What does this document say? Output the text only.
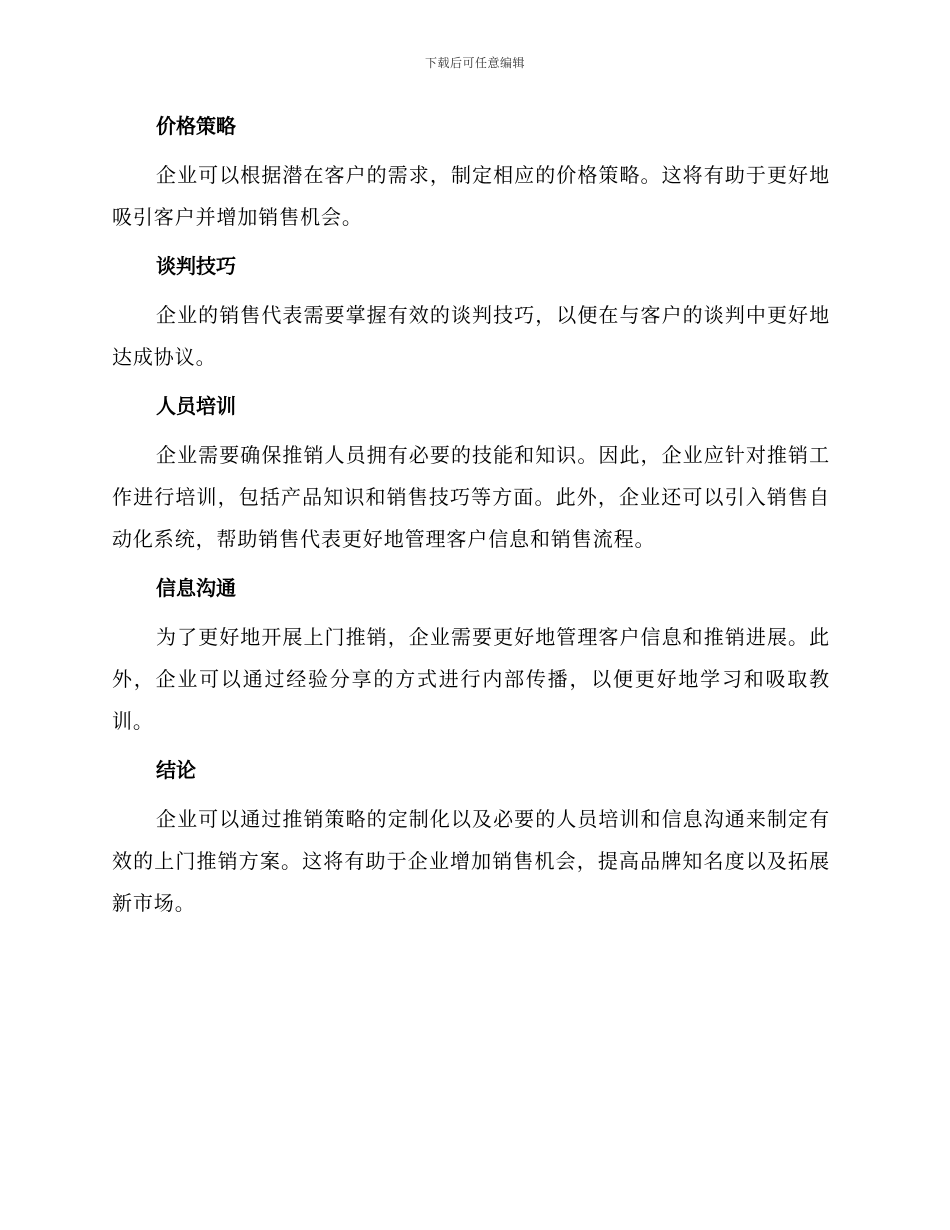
下载后可任意编辑
价格策略

企业可以根据潜在客户的需求，制定相应的价格策略。这将有助于更好地吸引客户并增加销售机会。

谈判技巧

企业的销售代表需要掌握有效的谈判技巧，以便在与客户的谈判中更好地达成协议。

人员培训

企业需要确保推销人员拥有必要的技能和知识。因此，企业应针对推销工作进行培训，包括产品知识和销售技巧等方面。此外，企业还可以引入销售自动化系统，帮助销售代表更好地管理客户信息和销售流程。

信息沟通

为了更好地开展上门推销，企业需要更好地管理客户信息和推销进展。此外，企业可以通过经验分享的方式进行内部传播，以便更好地学习和吸取教训。

结论

企业可以通过推销策略的定制化以及必要的人员培训和信息沟通来制定有效的上门推销方案。这将有助于企业增加销售机会，提高品牌知名度以及拓展新市场。
